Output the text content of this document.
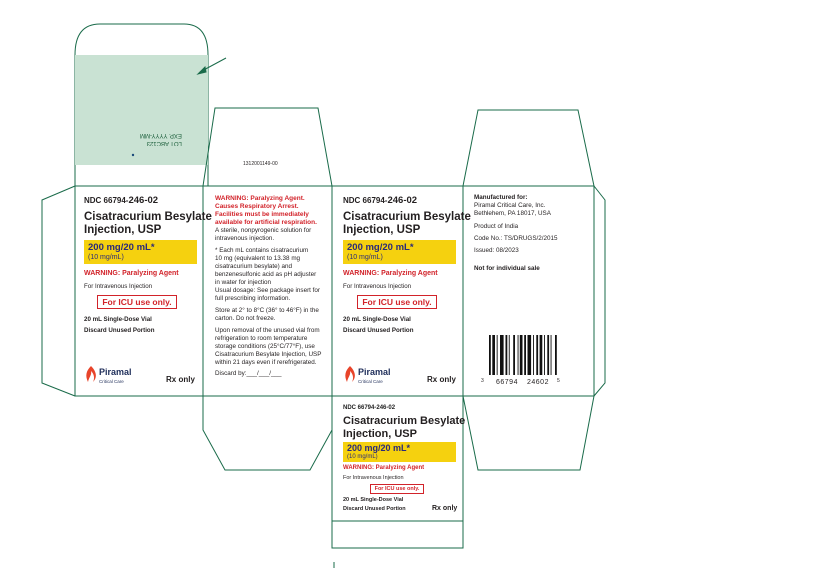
LOT ABC123
EXP. YYYY-MM
1312001149-00
NDC 66794-246-02
Cisatracurium Besylate
Injection, USP
200 mg/20 mL*
(10 mg/mL)
WARNING: Paralyzing Agent
For Intravenous Injection
For ICU use only.
20 mL Single-Dose Vial
Discard Unused Portion
Piramal
Critical Care	Rx only
WARNING: Paralyzing Agent.
Causes Respiratory Arrest.
Facilities must be immediately
available for artificial respiration.
A sterile, nonpyrogenic solution for
intravenous injection.
* Each mL contains cisatracurium
10 mg (equivalent to 13.38 mg
cisatracurium besylate) and
benzenesulfonic acid as pH adjuster
in water for injection
Usual dosage: See package insert for
full prescribing information.
Store at 2° to 8°C (36° to 46°F) in the
carton. Do not freeze.
Upon removal of the unused vial from
refrigeration to room temperature
storage conditions (25°C/77°F), use
Cisatracurium Besylate Injection, USP
within 21 days even if rerefrigerated.
Discard by:___/___/___
NDC 66794-246-02
Cisatracurium Besylate
Injection, USP
200 mg/20 mL*
(10 mg/mL)
WARNING: Paralyzing Agent
For Intravenous Injection
For ICU use only.
20 mL Single-Dose Vial
Discard Unused Portion
Piramal
Critical Care	Rx only
Manufactured for:
Piramal Critical Care, Inc.
Bethlehem, PA 18017, USA
Product of India
Code No.: TS/DRUGS/2/2015
Issued: 08/2023
Not for individual sale
3 66794 24602 5
NDC 66794-246-02
Cisatracurium Besylate
Injection, USP
200 mg/20 mL*
(10 mg/mL)
WARNING: Paralyzing Agent
For Intravenous Injection
For ICU use only.
20 mL Single-Dose Vial
Discard Unused Portion	Rx only
